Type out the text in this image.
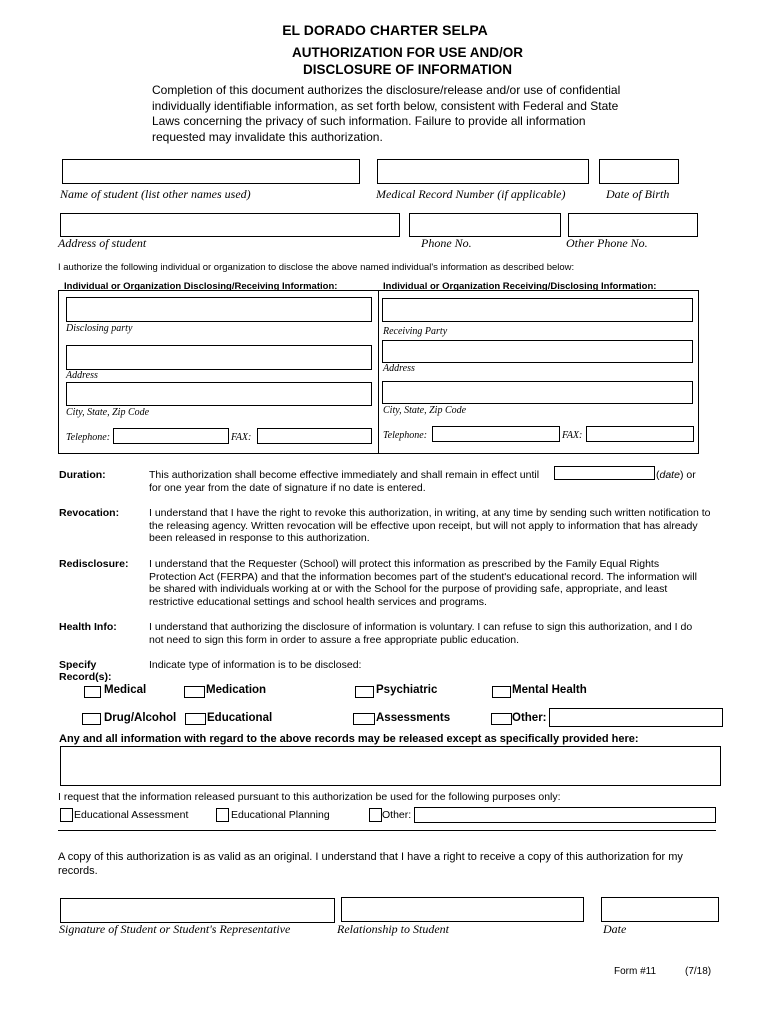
EL DORADO CHARTER SELPA
AUTHORIZATION FOR USE AND/OR
DISCLOSURE OF INFORMATION
Completion of this document authorizes the disclosure/release and/or use of confidential individually identifiable information, as set forth below, consistent with Federal and State Laws concerning the privacy of such information. Failure to provide all information requested may invalidate this authorization.
Name of student (list other names used)	Medical Record Number (if applicable)	Date of Birth
Address of student	Phone No.	Other Phone No.
I authorize the following individual or organization to disclose the above named individual's information as described below:
Individual or Organization Disclosing/Receiving Information:	Individual or Organization Receiving/Disclosing Information:
Disclosing party
Address
City, State, Zip Code
Telephone:	FAX:
Receiving Party
Address
City, State, Zip Code
Telephone:	FAX:
Duration:	This authorization shall become effective immediately and shall remain in effect until	(date) or
for one year from the date of signature if no date is entered.
Revocation:	I understand that I have the right to revoke this authorization, in writing, at any time by sending such written notification to the releasing agency. Written revocation will be effective upon receipt, but will not apply to information that has already been released in response to this authorization.
Redisclosure: I understand that the Requester (School) will protect this information as prescribed by the Family Equal Rights Protection Act (FERPA) and that the information becomes part of the student's educational record. The information will be shared with individuals working at or with the School for the purpose of providing safe, appropriate, and least restrictive educational settings and school health services and programs.
Health Info:	I understand that authorizing the disclosure of information is voluntary. I can refuse to sign this authorization, and I do not need to sign this form in order to assure a free appropriate public education.
Specify
Record(s):
Indicate type of information is to be disclosed:
Medical	Medication	Psychiatric	Mental Health
Drug/Alcohol	Educational	Assessments	Other:
Any and all information with regard to the above records may be released except as specifically provided here:
I request that the information released pursuant to this authorization be used for the following purposes only:
Educational Assessment	Educational Planning	Other:
A copy of this authorization is as valid as an original. I understand that I have a right to receive a copy of this authorization for my records.
Signature of Student or Student's Representative	Relationship to Student	Date
Form #11	(7/18)
